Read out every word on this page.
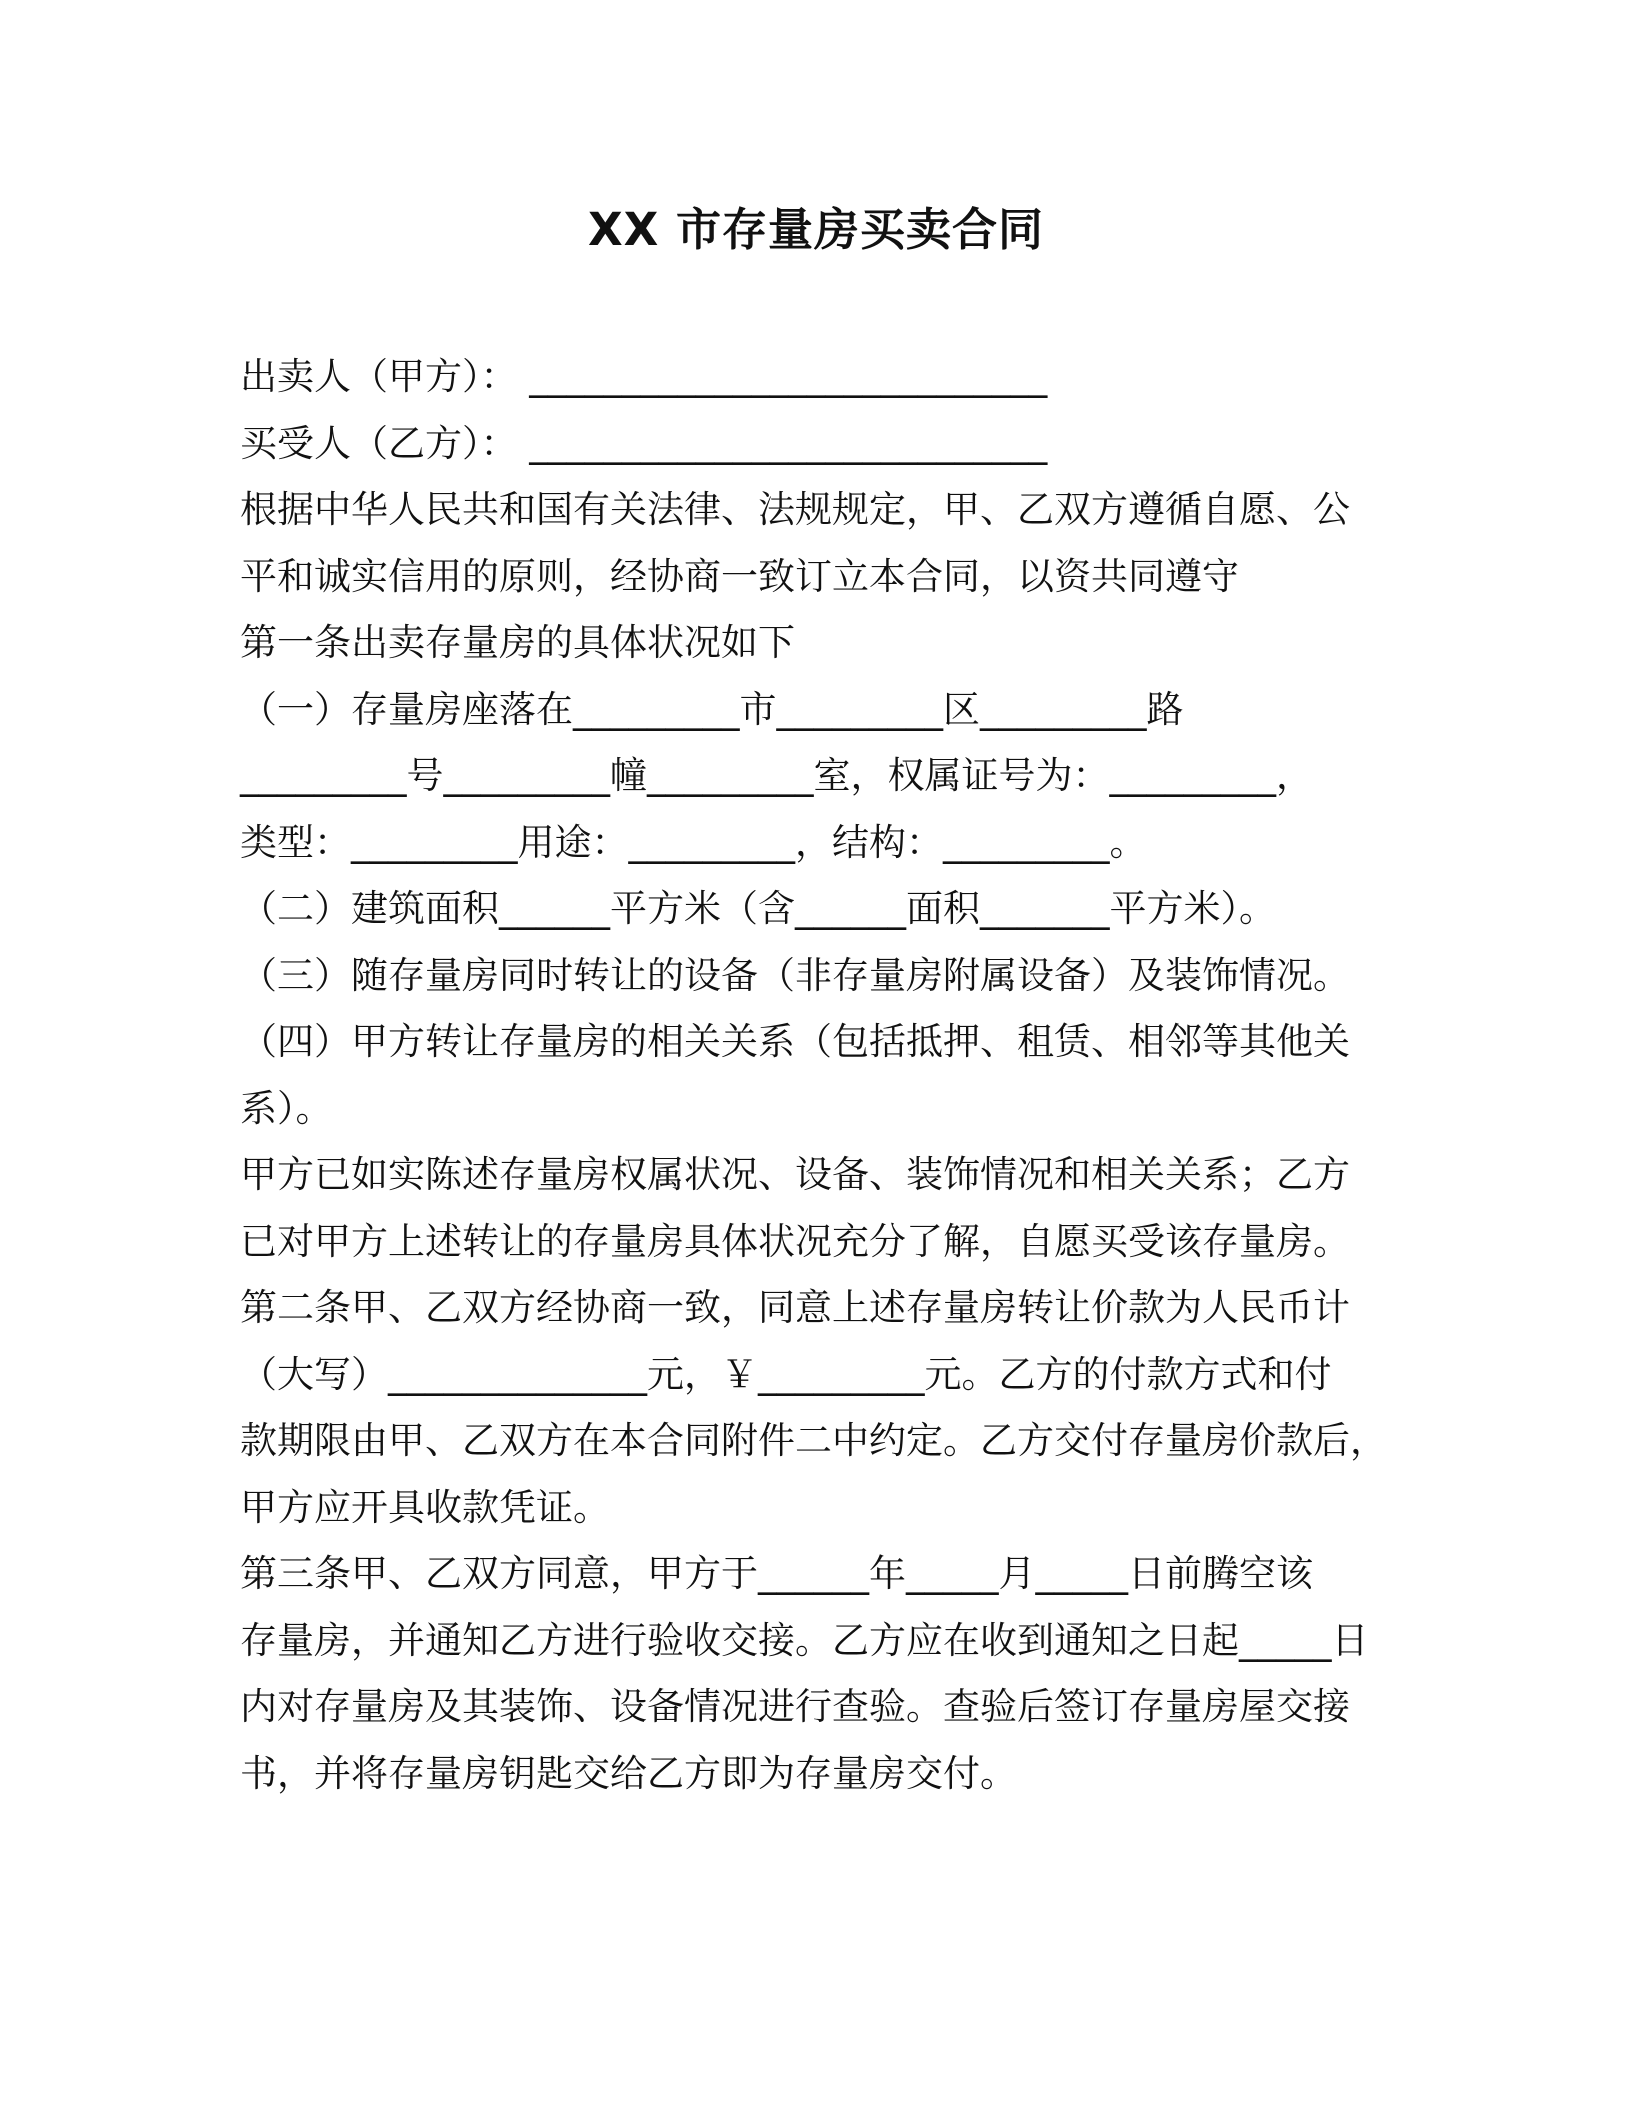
XX 市存量房买卖合同
出卖人（甲方）： ____________________________
买受人（乙方）： ____________________________
根据中华人民共和国有关法律、法规规定，甲、乙双方遵循自愿、公
平和诚实信用的原则，经协商一致订立本合同，以资共同遵守
第一条出卖存量房的具体状况如下
（一）存量房座落在_________市_________区_________路
_________号_________幢_________室，权属证号为：_________，
类型：_________用途：_________，结构：_________。
（二）建筑面积______平方米（含______面积_______平方米）。
（三）随存量房同时转让的设备（非存量房附属设备）及装饰情况。
（四）甲方转让存量房的相关关系（包括抵押、租赁、相邻等其他关
系）。
甲方已如实陈述存量房权属状况、设备、装饰情况和相关关系；乙方
已对甲方上述转让的存量房具体状况充分了解，自愿买受该存量房。
第二条甲、乙双方经协商一致，同意上述存量房转让价款为人民币计
（大写）______________元，￥_________元。乙方的付款方式和付
款期限由甲、乙双方在本合同附件二中约定。乙方交付存量房价款后，
甲方应开具收款凭证。
第三条甲、乙双方同意，甲方于______年_____月_____日前腾空该
存量房，并通知乙方进行验收交接。乙方应在收到通知之日起_____日
内对存量房及其装饰、设备情况进行查验。查验后签订存量房屋交接
书，并将存量房钥匙交给乙方即为存量房交付。
